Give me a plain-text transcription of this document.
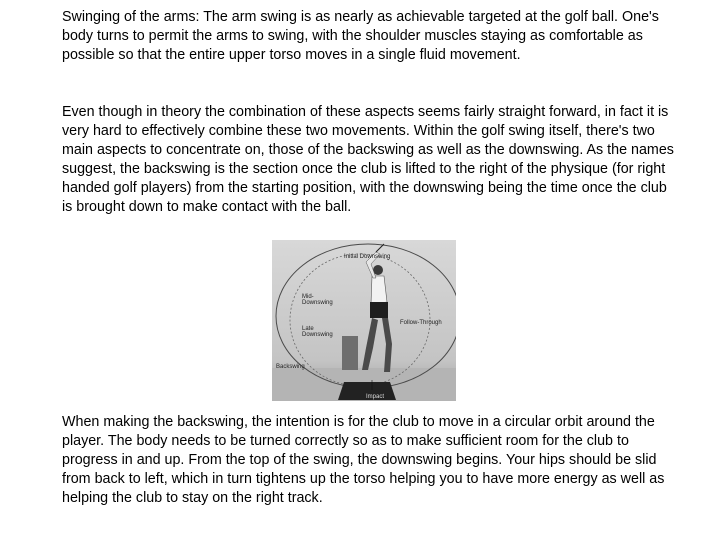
Swinging of the arms: The arm swing is as nearly as achievable targeted at the golf ball. One's body turns to permit the arms to swing, with the shoulder muscles staying as comfortable as possible so that the entire upper torso moves in a single fluid movement.

Even though in theory the combination of these aspects seems fairly straight forward, in fact it is very hard to effectively combine these two movements. Within the golf swing itself, there's two main aspects to concentrate on, those of the backswing as well as the downswing. As the names suggest, the backswing is the section once the club is lifted to the right of the physique (for right handed golf players) from the starting position, with the downswing being the time once the club is brought down to make contact with the ball.

Initial Downswing
Mid-
Downswing
Follow-Through
Late
Downswing
Backswing
Impact

When making the backswing, the intention is for the club to move in a circular orbit around the player. The body needs to be turned correctly so as to make sufficient room for the club to progress in and up. From the top of the swing, the downswing begins. Your hips should be slid from back to left, which in turn tightens up the torso helping you to have more energy as well as helping the club to stay on the right track.
